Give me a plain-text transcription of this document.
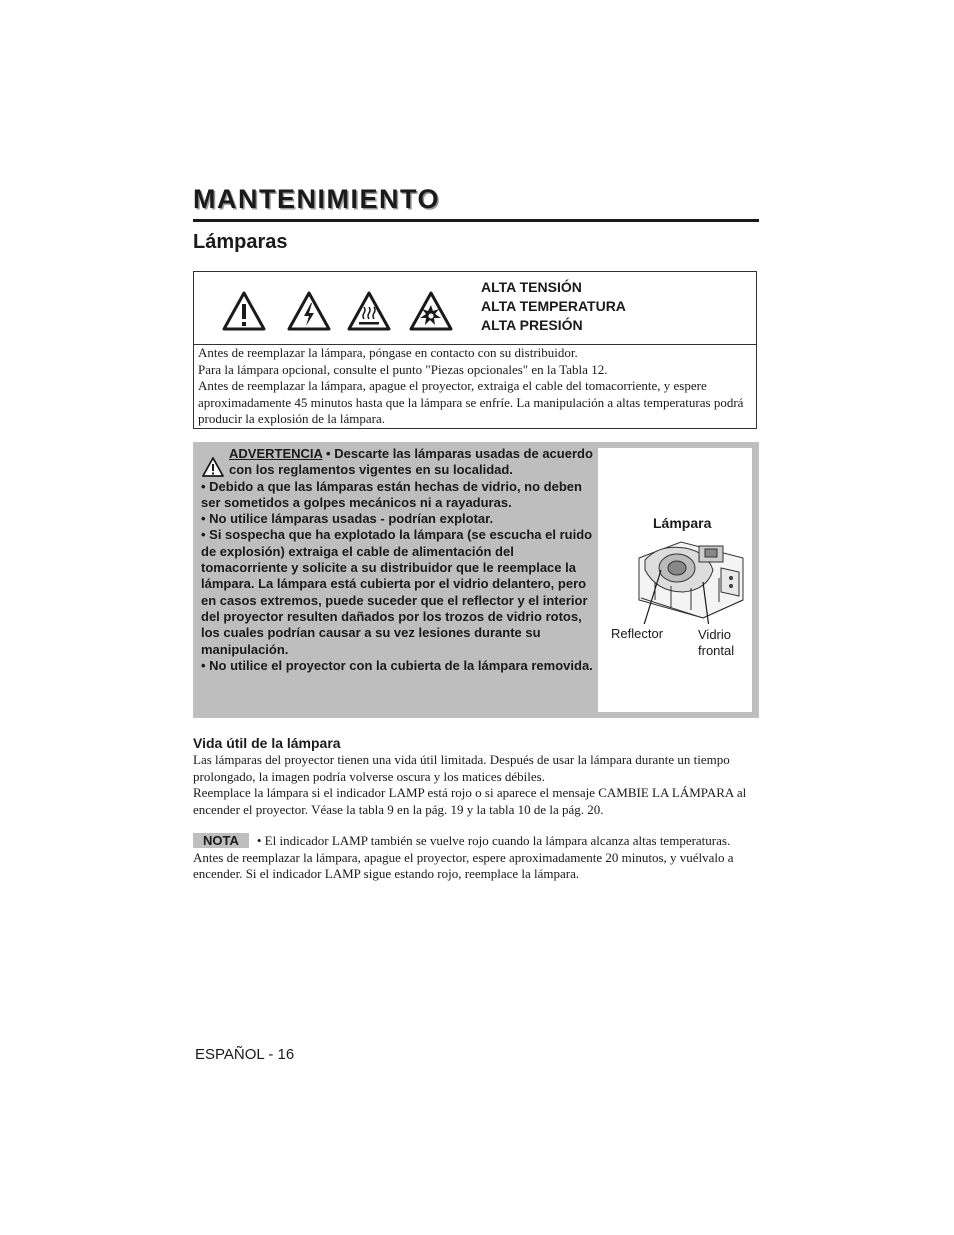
MANTENIMIENTO
Lámparas
ALTA TENSIÓN
ALTA TEMPERATURA
ALTA PRESIÓN

Antes de reemplazar la lámpara, póngase en contacto con su distribuidor.

Para la lámpara opcional, consulte el punto "Piezas opcionales" en la Tabla 12.

Antes de reemplazar la lámpara, apague el proyector, extraiga el cable del tomacorriente, y espere aproximadamente 45 minutos hasta que la lámpara se enfríe. La manipulación a altas temperaturas podrá producir la explosión de la lámpara.

ADVERTENCIA • Descarte las lámparas usadas de acuerdo con los reglamentos vigentes en su localidad.

• Debido a que las lámparas están hechas de vidrio, no deben ser sometidos a golpes mecánicos ni a rayaduras.

• No utilice lámparas usadas - podrían explotar.

• Si sospecha que ha explotado la lámpara (se escucha el ruido de explosión) extraiga el cable de alimentación del tomacorriente y solicite a su distribuidor que le reemplace la lámpara. La lámpara está cubierta por el vidrio delantero, pero en casos extremos, puede suceder que el reflector y el interior del proyector resulten dañados por los trozos de vidrio rotos, los cuales podrían causar a su vez lesiones durante su manipulación.

• No utilice el proyector con la cubierta de la lámpara removida.

Lámpara
Reflector	Vidrio
frontal
Vida útil de la lámpara

Las lámparas del proyector tienen una vida útil limitada. Después de usar la lámpara durante un tiempo prolongado, la imagen podría volverse oscura y los matices débiles.

Reemplace la lámpara si el indicador LAMP está rojo o si aparece el mensaje CAMBIE LA LÁMPARA al encender el proyector. Véase la tabla 9 en la pág. 19 y la tabla 10 de la pág. 20.

NOTA • El indicador LAMP también se vuelve rojo cuando la lámpara alcanza altas temperaturas. Antes de reemplazar la lámpara, apague el proyector, espere aproximadamente 20 minutos, y vuélvalo a encender. Si el indicador LAMP sigue estando rojo, reemplace la lámpara.
ESPAÑOL - 16
